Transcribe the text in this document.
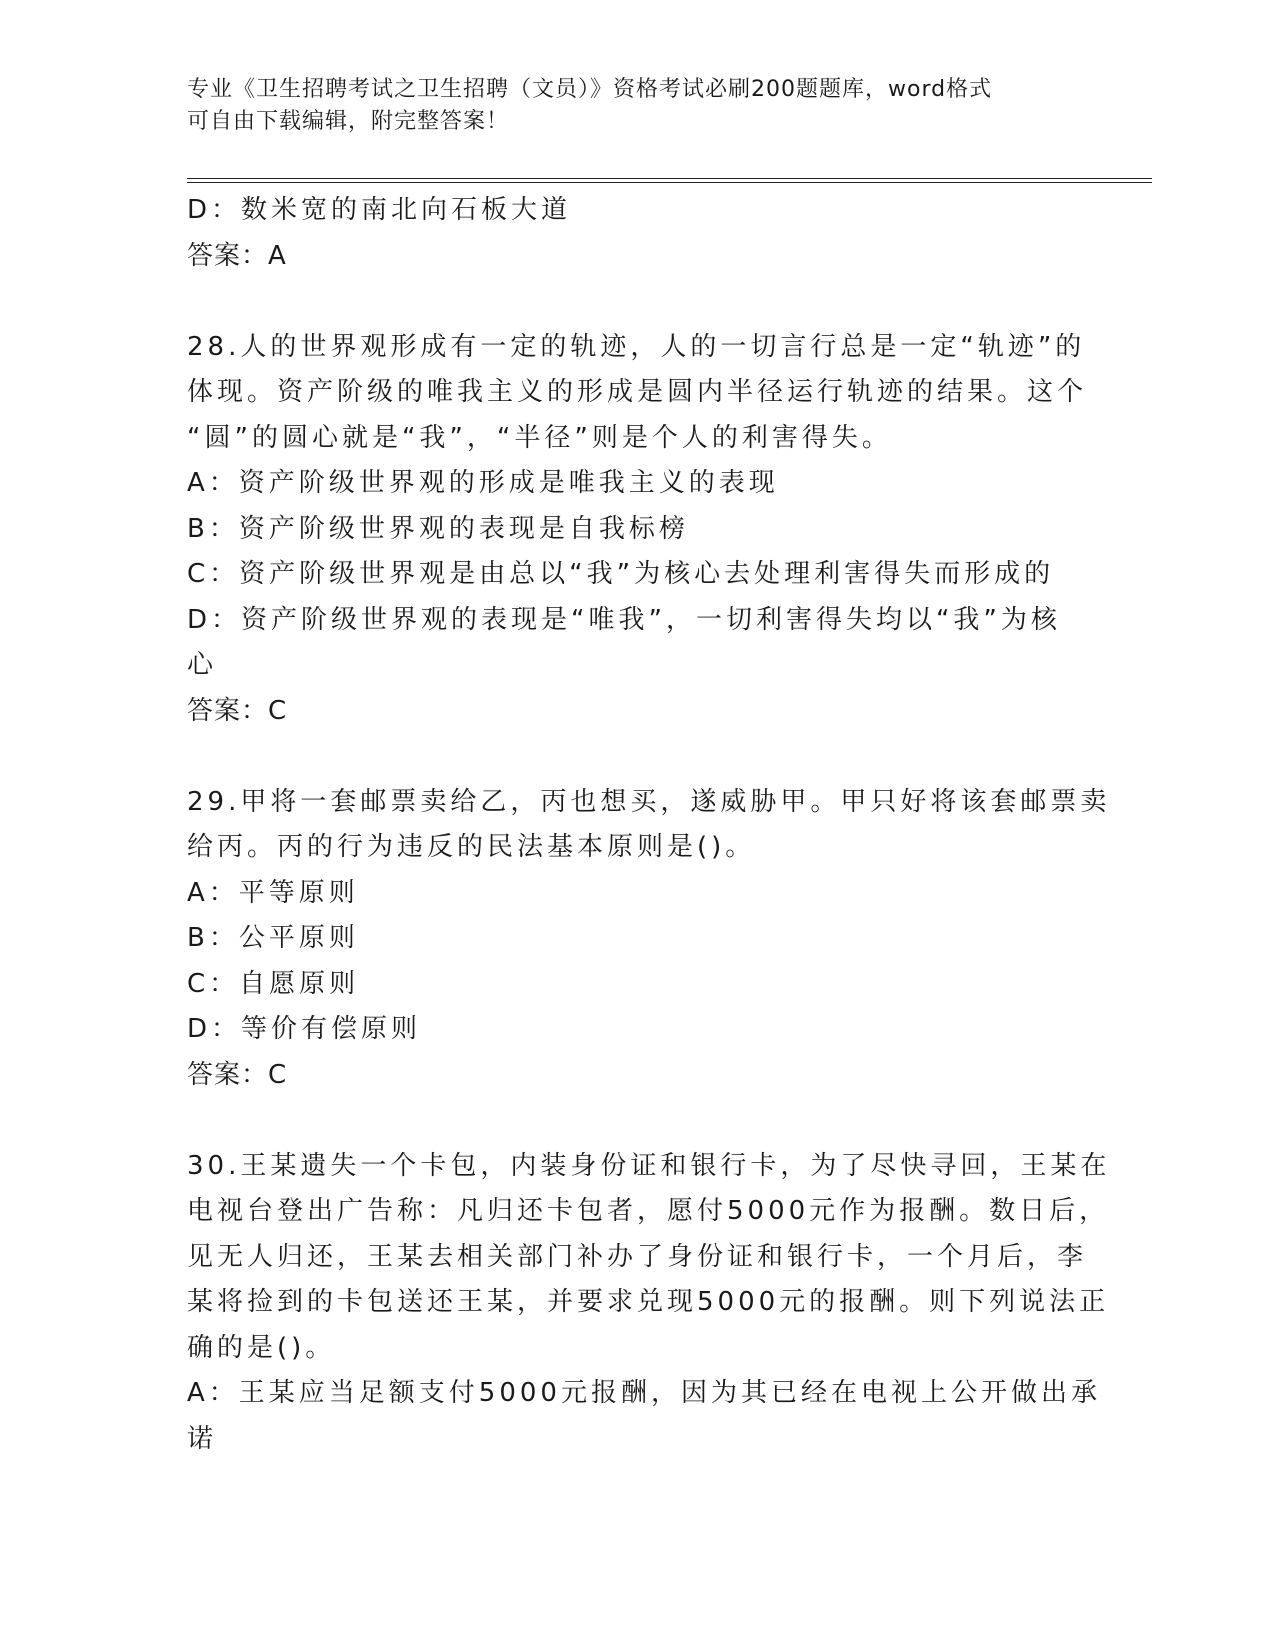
专业《卫生招聘考试之卫生招聘（文员）》资格考试必刷200题题库，word格式
可自由下载编辑，附完整答案！
D：数米宽的南北向石板大道
答案：A
28.人的世界观形成有一定的轨迹，人的一切言行总是一定“轨迹”的
体现。资产阶级的唯我主义的形成是圆内半径运行轨迹的结果。这个
“圆”的圆心就是“我”，“半径”则是个人的利害得失。
A：资产阶级世界观的形成是唯我主义的表现
B：资产阶级世界观的表现是自我标榜
C：资产阶级世界观是由总以“我”为核心去处理利害得失而形成的
D：资产阶级世界观的表现是“唯我”，一切利害得失均以“我”为核
心
答案：C
29.甲将一套邮票卖给乙，丙也想买，遂威胁甲。甲只好将该套邮票卖
给丙。丙的行为违反的民法基本原则是()。
A：平等原则
B：公平原则
C：自愿原则
D：等价有偿原则
答案：C
30.王某遗失一个卡包，内装身份证和银行卡，为了尽快寻回，王某在
电视台登出广告称：凡归还卡包者，愿付5000元作为报酬。数日后，
见无人归还，王某去相关部门补办了身份证和银行卡，一个月后，李
某将捡到的卡包送还王某，并要求兑现5000元的报酬。则下列说法正
确的是()。
A：王某应当足额支付5000元报酬，因为其已经在电视上公开做出承
诺
